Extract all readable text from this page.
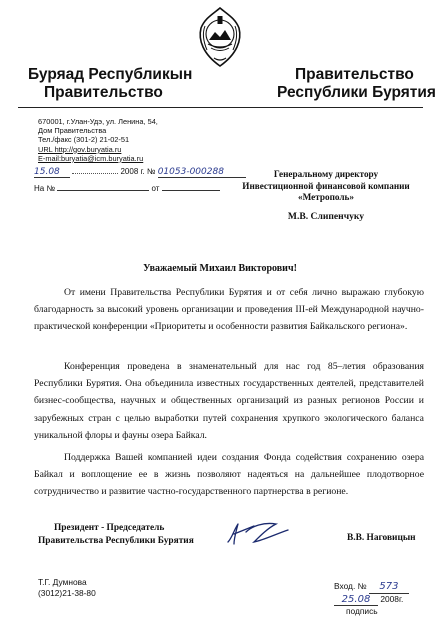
Буряад Республикын
Правительство
Правительство
Республики Бурятия
670001, г.Улан-Удэ, ул. Ленина, 54,
Дом Правительства
Тел./факс (301-2) 21-02-51
URL http://gov.buryatia.ru
E-mail:buryatia@icm.buryatia.ru
15.08	2008 г. № 01053-000288
На №	от
Генеральному директору
Инвестиционной финансовой компании
«Метрополь»
М.В. Слипенчуку
Уважаемый Михаил Викторович!

От имени Правительства Республики Бурятия и от себя лично выражаю глубокую благодарность за высокий уровень организации и проведения III-ей Международной научно-практической конференции «Приоритеты и особенности развития Байкальского региона».

Конференция проведена в знаменательный для нас год 85–летия образования Республики Бурятия. Она объединила известных государственных деятелей, представителей бизнес-сообщества, научных и общественных организаций из разных регионов России и зарубежных стран с целью выработки путей сохранения хрупкого экологического баланса уникальной флоры и фауны озера Байкал.

Поддержка Вашей компанией идеи создания Фонда содействия сохранению озера Байкал и воплощение ее в жизнь позволяют надеяться на дальнейшее плодотворное сотрудничество и развитие частно-государственного партнерства в регионе.

Президент - Председатель
Правительства Республики Бурятия	В.В. Наговицын
Т.Г. Думнова
(3012)21-38-80
Вход. № 573
25.08 2008г.
подпись
